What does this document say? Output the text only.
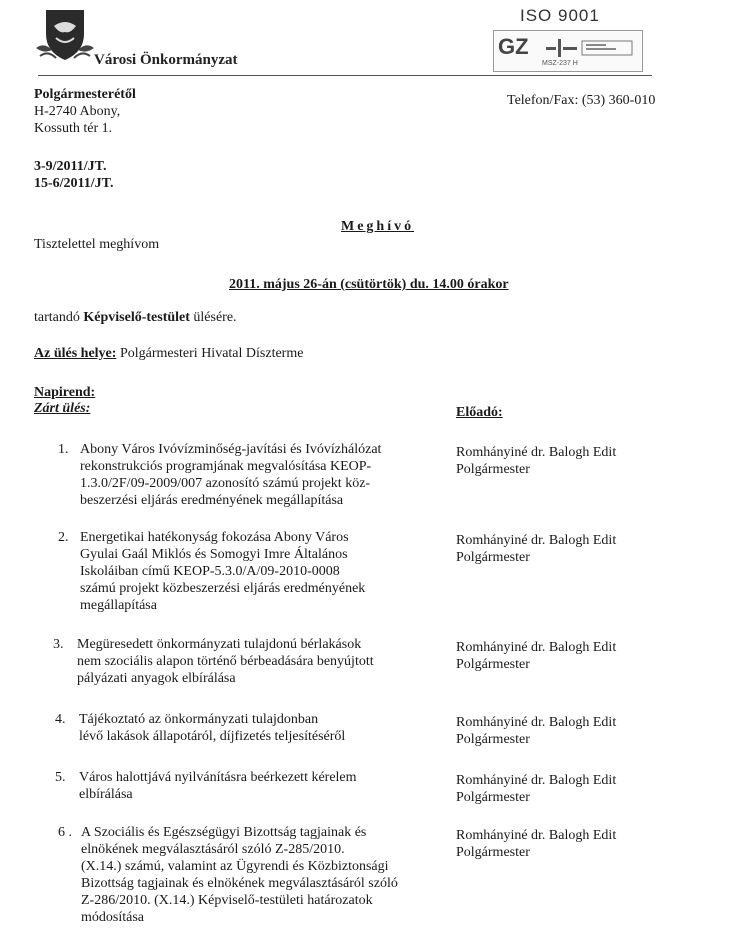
Városi Önkormányzat
ISO 9001
GZ
MSZ-237 H
Polgármesterétől
H-2740 Abony,
Kossuth tér 1.
Telefon/Fax: (53) 360-010
3-9/2011/JT.
15-6/2011/JT.
Meghívó
Tisztelettel meghívom
2011. május 26-án (csütörtök) du. 14.00 órakor
tartandó Képviselő-testület ülésére.
Az ülés helye: Polgármesteri Hivatal Díszterme
Napirend:
Zárt ülés:	Előadó:
1. Abony Város Ivóvízminőség-javítási és Ivóvízhálózat
rekonstrukciós programjának megvalósítása KEOP-
1.3.0/2F/09-2009/007 azonosító számú projekt köz-
beszerzési eljárás eredményének megállapítása
Romhányiné dr. Balogh Edit
Polgármester
2. Energetikai hatékonyság fokozása Abony Város
Gyulai Gaál Miklós és Somogyi Imre Általános
Iskoláiban című KEOP-5.3.0/A/09-2010-0008
számú projekt közbeszerzési eljárás eredményének
megállapítása
Romhányiné dr. Balogh Edit
Polgármester
3. Megüresedett önkormányzati tulajdonú bérlakások
nem szociális alapon történő bérbeadására benyújtott
pályázati anyagok elbírálása
Romhányiné dr. Balogh Edit
Polgármester
4. Tájékoztató az önkormányzati tulajdonban
lévő lakások állapotáról, díjfizetés teljesítéséről
Romhányiné dr. Balogh Edit
Polgármester
5. Város halottjává nyilvánításra beérkezett kérelem
elbírálása
Romhányiné dr. Balogh Edit
Polgármester
6 . A Szociális és Egészségügyi Bizottság tagjainak és
elnökének megválasztásáról szóló Z-285/2010.
(X.14.) számú, valamint az Ügyrendi és Közbiztonsági
Bizottság tagjainak és elnökének megválasztásáról szóló
Z-286/2010. (X.14.) Képviselő-testületi határozatok
módosítása
Romhányiné dr. Balogh Edit
Polgármester
